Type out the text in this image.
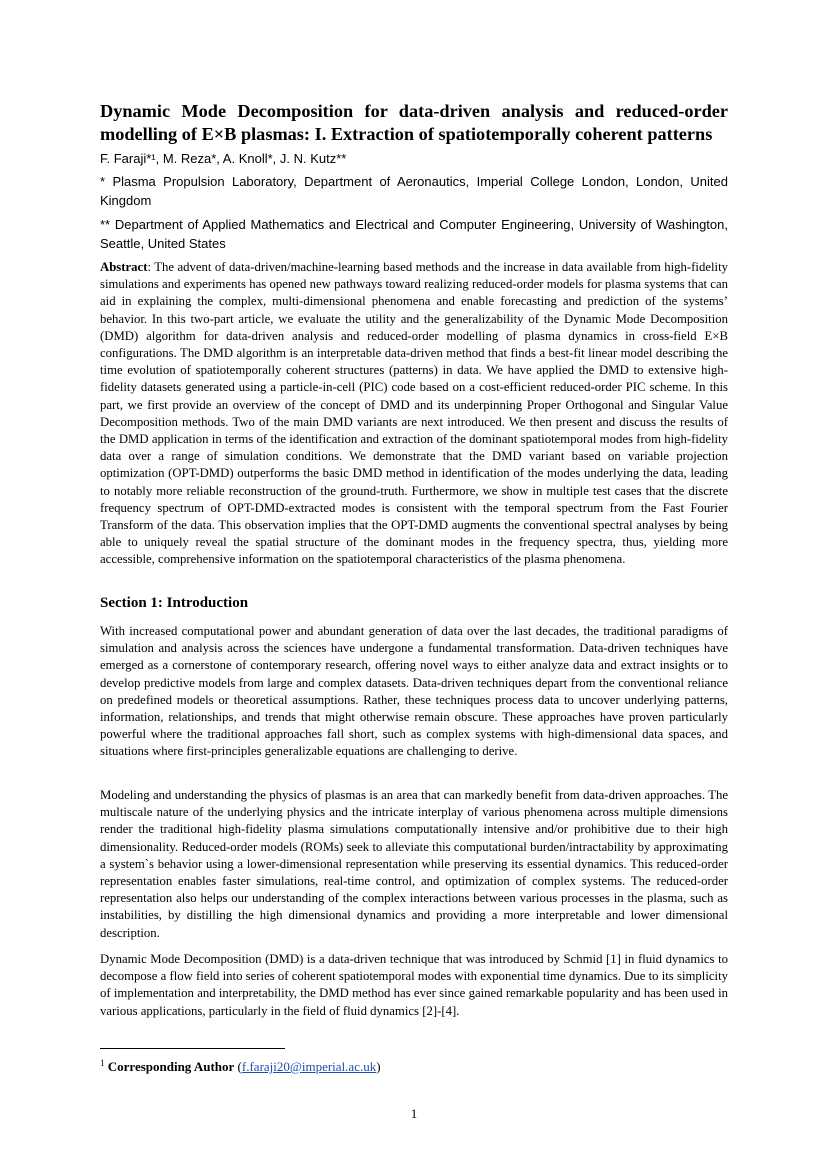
Dynamic Mode Decomposition for data-driven analysis and reduced-order
modelling of E×B plasmas: I. Extraction of spatiotemporally coherent patterns
F. Faraji*¹, M. Reza*, A. Knoll*, J. N. Kutz**
* Plasma Propulsion Laboratory, Department of Aeronautics, Imperial College London, London, United Kingdom
** Department of Applied Mathematics and Electrical and Computer Engineering, University of Washington, Seattle, United States

Abstract: The advent of data-driven/machine-learning based methods and the increase in data available from high-fidelity simulations and experiments has opened new pathways toward realizing reduced-order models for plasma systems that can aid in explaining the complex, multi-dimensional phenomena and enable forecasting and prediction of the systems’ behavior. In this two-part article, we evaluate the utility and the generalizability of the Dynamic Mode Decomposition (DMD) algorithm for data-driven analysis and reduced-order modelling of plasma dynamics in cross-field E×B configurations. The DMD algorithm is an interpretable data-driven method that finds a best-fit linear model describing the time evolution of spatiotemporally coherent structures (patterns) in data. We have applied the DMD to extensive high-fidelity datasets generated using a particle-in-cell (PIC) code based on a cost-efficient reduced-order PIC scheme. In this part, we first provide an overview of the concept of DMD and its underpinning Proper Orthogonal and Singular Value Decomposition methods. Two of the main DMD variants are next introduced. We then present and discuss the results of the DMD application in terms of the identification and extraction of the dominant spatiotemporal modes from high-fidelity data over a range of simulation conditions. We demonstrate that the DMD variant based on variable projection optimization (OPT-DMD) outperforms the basic DMD method in identification of the modes underlying the data, leading to notably more reliable reconstruction of the ground-truth. Furthermore, we show in multiple test cases that the discrete frequency spectrum of OPT-DMD-extracted modes is consistent with the temporal spectrum from the Fast Fourier Transform of the data. This observation implies that the OPT-DMD augments the conventional spectral analyses by being able to uniquely reveal the spatial structure of the dominant modes in the frequency spectra, thus, yielding more accessible, comprehensive information on the spatiotemporal characteristics of the plasma phenomena.

Section 1: Introduction

With increased computational power and abundant generation of data over the last decades, the traditional paradigms of simulation and analysis across the sciences have undergone a fundamental transformation. Data-driven techniques have emerged as a cornerstone of contemporary research, offering novel ways to either analyze data and extract insights or to develop predictive models from large and complex datasets. Data-driven techniques depart from the conventional reliance on predefined models or theoretical assumptions. Rather, these techniques process data to uncover underlying patterns, information, relationships, and trends that might otherwise remain obscure. These approaches have proven particularly powerful where the traditional approaches fall short, such as complex systems with high-dimensional data spaces, and situations where first-principles generalizable equations are challenging to derive.

Modeling and understanding the physics of plasmas is an area that can markedly benefit from data-driven approaches. The multiscale nature of the underlying physics and the intricate interplay of various phenomena across multiple dimensions render the traditional high-fidelity plasma simulations computationally intensive and/or prohibitive due to their high dimensionality. Reduced-order models (ROMs) seek to alleviate this computational burden/intractability by approximating a system`s behavior using a lower-dimensional representation while preserving its essential dynamics. This reduced-order representation enables faster simulations, real-time control, and optimization of complex systems. The reduced-order representation also helps our understanding of the complex interactions between various processes in the plasma, such as instabilities, by distilling the high dimensional dynamics and providing a more interpretable and lower dimensional description.

Dynamic Mode Decomposition (DMD) is a data-driven technique that was introduced by Schmid [1] in fluid dynamics to decompose a flow field into series of coherent spatiotemporal modes with exponential time dynamics. Due to its simplicity of implementation and interpretability, the DMD method has ever since gained remarkable popularity and has been used in various applications, particularly in the field of fluid dynamics [2]-[4].

$^1$ Corresponding Author (f.faraji20@imperial.ac.uk)
1
